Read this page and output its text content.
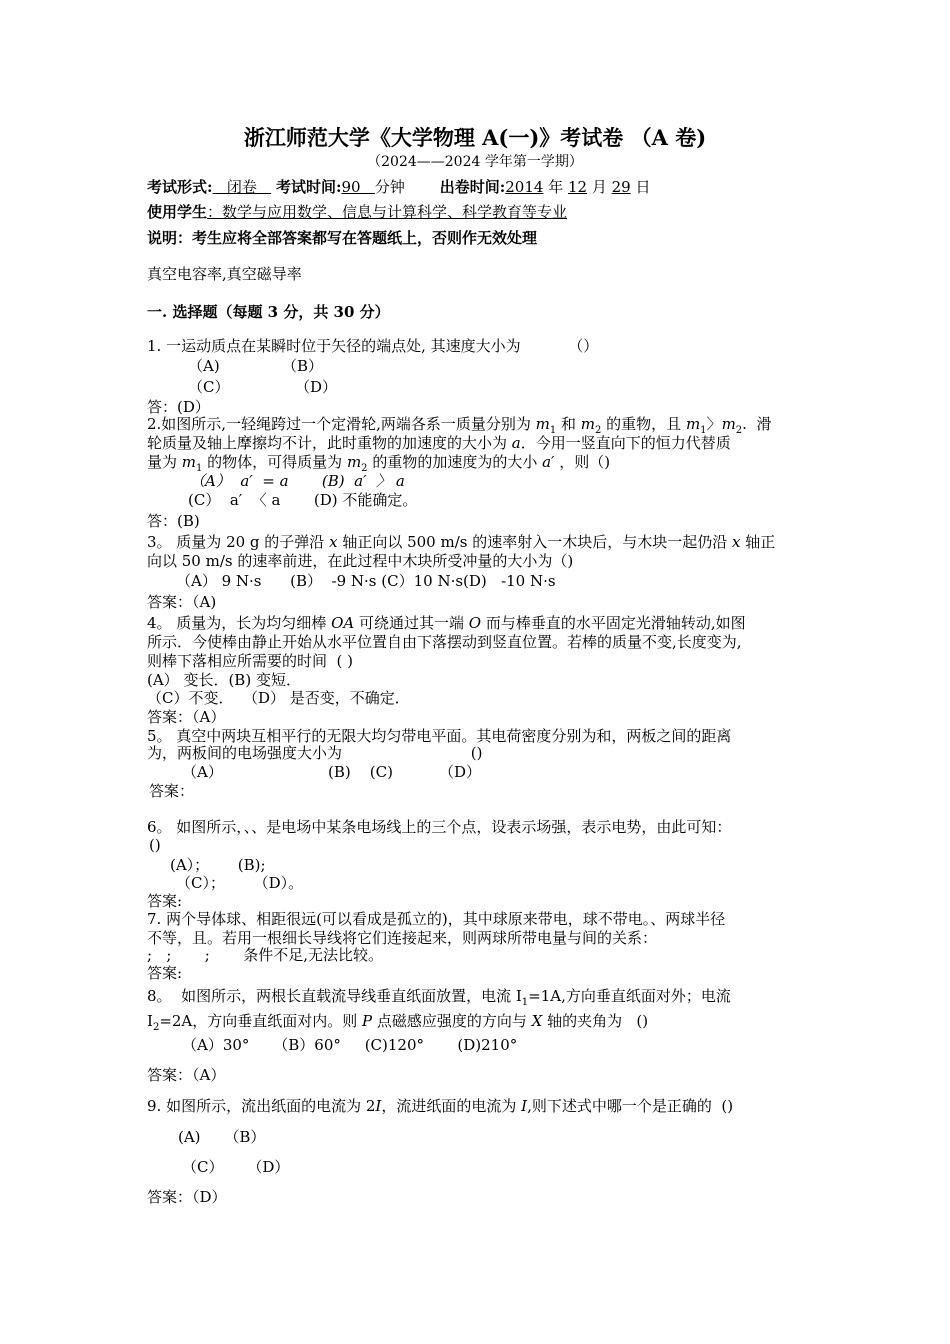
浙江师范大学《大学物理 A(一)》考试卷 （A 卷)
（2024——2024 学年第一学期）
考试形式:   闭卷    考试时间:90   分钟 出卷时间:2014 年 12 月 29 日
使用学生：数学与应用数学、信息与计算科学、科学教育等专业
说明：考生应将全部答案都写在答题纸上，否则作无效处理
真空电容率,真空磁导率
一. 选择题（每题 3 分，共 30 分）
1. 一运动质点在某瞬时位于矢径的端点处, 其速度大小为          （）
（A)	（B）
（C）	（D）
答：(D）
2.如图所示,一轻绳跨过一个定滑轮,两端各系一质量分别为 $m_1$ 和 $m_2$ 的重物，且 $m_1$〉$m_2$.  滑
轮质量及轴上摩擦均不计，此时重物的加速度的大小为 a．今用一竖直向下的恒力代替质
量为 $m_1$ 的物体，可得质量为 $m_2$ 的重物的加速度为的大小 a′ ，则（)
（A）  a′  = a       (B)  a′  〉 a
(C）  a′  〈 a       (D) 不能确定。
答：(B)
3。 质量为 20 g 的子弹沿 x 轴正向以 500 m/s 的速率射入一木块后，与木块一起仍沿 x 轴正
向以 50 m/s 的速率前进，在此过程中木块所受冲量的大小为（)
（A） 9 N·s      (B）  -9 N·s (C）10 N·s(D)   -10 N·s
答案：（A)
4。 质量为，长为均匀细棒 OA 可绕通过其一端 O 而与棒垂直的水平固定光滑轴转动,如图
所示．今使棒由静止开始从水平位置自由下落摆动到竖直位置。若棒的质量不变,长度变为,
则棒下落相应所需要的时间  ( )
(A） 变长．(B) 变短．
（C）不变．  （D） 是否变，不确定．
答案：（A）
5。 真空中两块互相平行的无限大均匀带电平面。其电荷密度分别为和，两板之间的距离
为，两板间的电场强度大小为                           ()
（A）	(B)    (C)	（D）
答案：
6。 如图所示，、、是电场中某条电场线上的三个点，设表示场强，表示电势，由此可知：
()
(A）；      (B);
（C）；      （D）。
答案:
7. 两个导体球、相距很远(可以看成是孤立的)，其中球原来带电，球不带电。、两球半径
不等，且。若用一根细长导线将它们连接起来，则两球所带电量与间的关系：
;   ;       ;       条件不足,无法比较。
答案:
8。  如图所示，两根长直载流导线垂直纸面放置，电流 $I_1=1A$,方向垂直纸面对外；电流
$I_2=2A$，方向垂直纸面对内。则 P 点磁感应强度的方向与 X 轴的夹角为   ()
（A）30°     （B）60°     (C)120°       (D)210°
答案：（A）
9. 如图所示，流出纸面的电流为 2I，流进纸面的电流为 I,则下述式中哪一个是正确的  ()
(A)     （B）
（C）     （D）
答案：（D）
